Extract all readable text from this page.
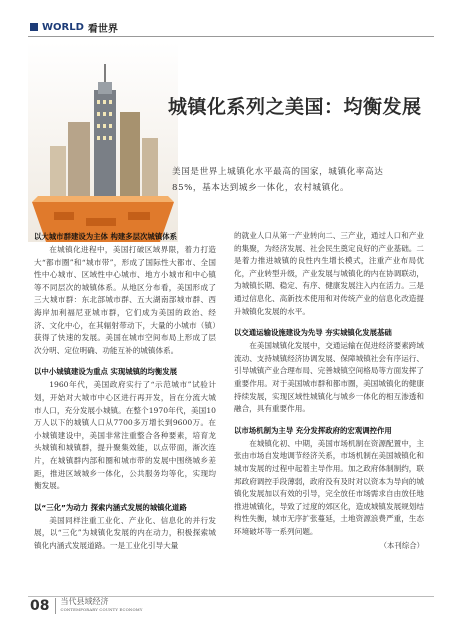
WORLD 看世界
城镇化系列之美国：均衡发展

美国是世界上城镇化水平最高的国家，城镇化率高达

85%，基本达到城乡一体化，农村城镇化。

以大城市群建设为主体 构建多层次城镇体系

在城镇化进程中，美国打破区域界限，着力打造大“都市圈”和“城市带”，形成了国际性大都市、全国性中心城市、区域性中心城市、地方小城市和中心镇等不同层次的城镇体系。从地区分布看，美国形成了三大城市群：东北部城市群、五大湖南部城市群、西海岸加利福尼亚城市群，它们成为美国的政治、经济、文化中心，在其辐射带动下，大量的小城市（镇）获得了快速的发展。美国在城市空间布局上形成了层次分明、定位明确、功能互补的城镇体系。

以中小城镇建设为重点 实现城镇的均衡发展

1960年代，美国政府实行了“示范城市”试验计划，开始对大城市中心区进行再开发，旨在分流大城市人口，充分发展小城镇。在整个1970年代，美国10万人以下的城镇人口从7700多万增长到9600万。在小城镇建设中，美国非常注重整合各种要素，培育龙头城镇和城镇群，提升聚集效能，以点带面，渐次连片，在城镇群内部和圈和城市带的发展中围绕城乡差距，推进区域城乡一体化，公共服务均等化，实现均衡发展。

以“三化”为动力 探索内涵式发展的城镇化道路

美国同样注重工业化、产业化、信息化的并行发展，以“三化”为城镇化发展的内在动力，积极探索城镇化内涵式发展道路。一是工业化引导大量

的就业人口从第一产业转向二、三产业，通过人口和产业的集聚，为经济发展、社会民生奠定良好的产业基础。二是着力推进城镇的良性内生增长模式，注重产业布局优化，产业转型升级，产业发展与城镇化的内在协调联动，为城镇长期、稳定、有序、健康发展注入内在活力。三是通过信息化、高新技术使用和对传统产业的信息化改造提升城镇化发展的水平。

以交通运输设施建设为先导 夯实城镇化发展基础

在美国城镇化发展中，交通运输在促进经济要素跨域流动、支持城镇经济协调发展、保障城镇社会有序运行、引导城镇产业合理布局、完善城镇空间格局等方面发挥了重要作用。对于美国城市群和都市圈，美国城镇化的健康持续发展，实现区域性城镇化与城乡一体化的相互渗透和融合，具有重要作用。

以市场机制为主导 充分发挥政府的宏观调控作用

在城镇化初、中期，美国市场机制在资源配置中，主张由市场自发地调节经济关系，市场机制在美国城镇化和城市发展的过程中起着主导作用。加之政府体制制约，联邦政府调控手段薄弱，政府没有及时对以资本为导向的城镇化发展加以有效的引导，完全放任市场需求自由放任地推进城镇化，导致了过度的郊区化，造成城镇发展规划结构性失衡，城市无序扩张蔓延，土地资源浪费严重，生态环境破坏等一系列问题。

（本刊综合）
08 当代县域经济
CONTEMPORARY COUNTY ECONOMY
